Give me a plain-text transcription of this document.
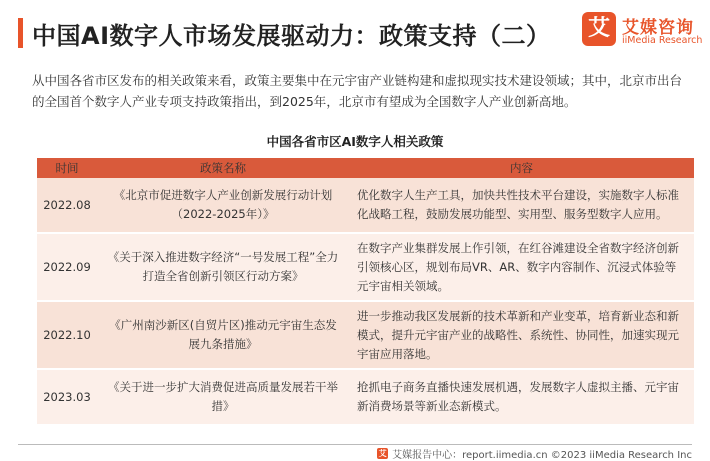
中国AI数字人市场发展驱动力：政策支持（二） 艾 艾媒咨询
iiMedia Research
从中国各省市区发布的相关政策来看，政策主要集中在元宇宙产业链构建和虚拟现实技术建设领域；其中，北京市出台的全国首个数字人产业专项支持政策指出，到2025年，北京市有望成为全国数字人产业创新高地。
中国各省市区AI数字人相关政策
时间	政策名称	内容
2022.08
《北京市促进数字人产业创新发展行动计划（2022-2025年）》
优化数字人生产工具，加快共性技术平台建设，实施数字人标准化战略工程，鼓励发展功能型、实用型、服务型数字人应用。
2022.09
《关于深入推进数字经济“一号发展工程”全力打造全省创新引领区行动方案》
在数字产业集群发展上作引领，在红谷滩建设全省数字经济创新引领核心区，规划布局VR、AR、数字内容制作、沉浸式体验等元宇宙相关领域。
2022.10
《广州南沙新区(自贸片区)推动元宇宙生态发展九条措施》
进一步推动我区发展新的技术革新和产业变革，培育新业态和新模式，提升元宇宙产业的战略性、系统性、协同性，加速实现元宇宙应用落地。
2023.03
《关于进一步扩大消费促进高质量发展若干举措》
抢抓电子商务直播快速发展机遇，发展数字人虚拟主播、元宇宙新消费场景等新业态新模式。
艾 艾媒报告中心：report.iimedia.cn ©2023 iiMedia Research Inc
